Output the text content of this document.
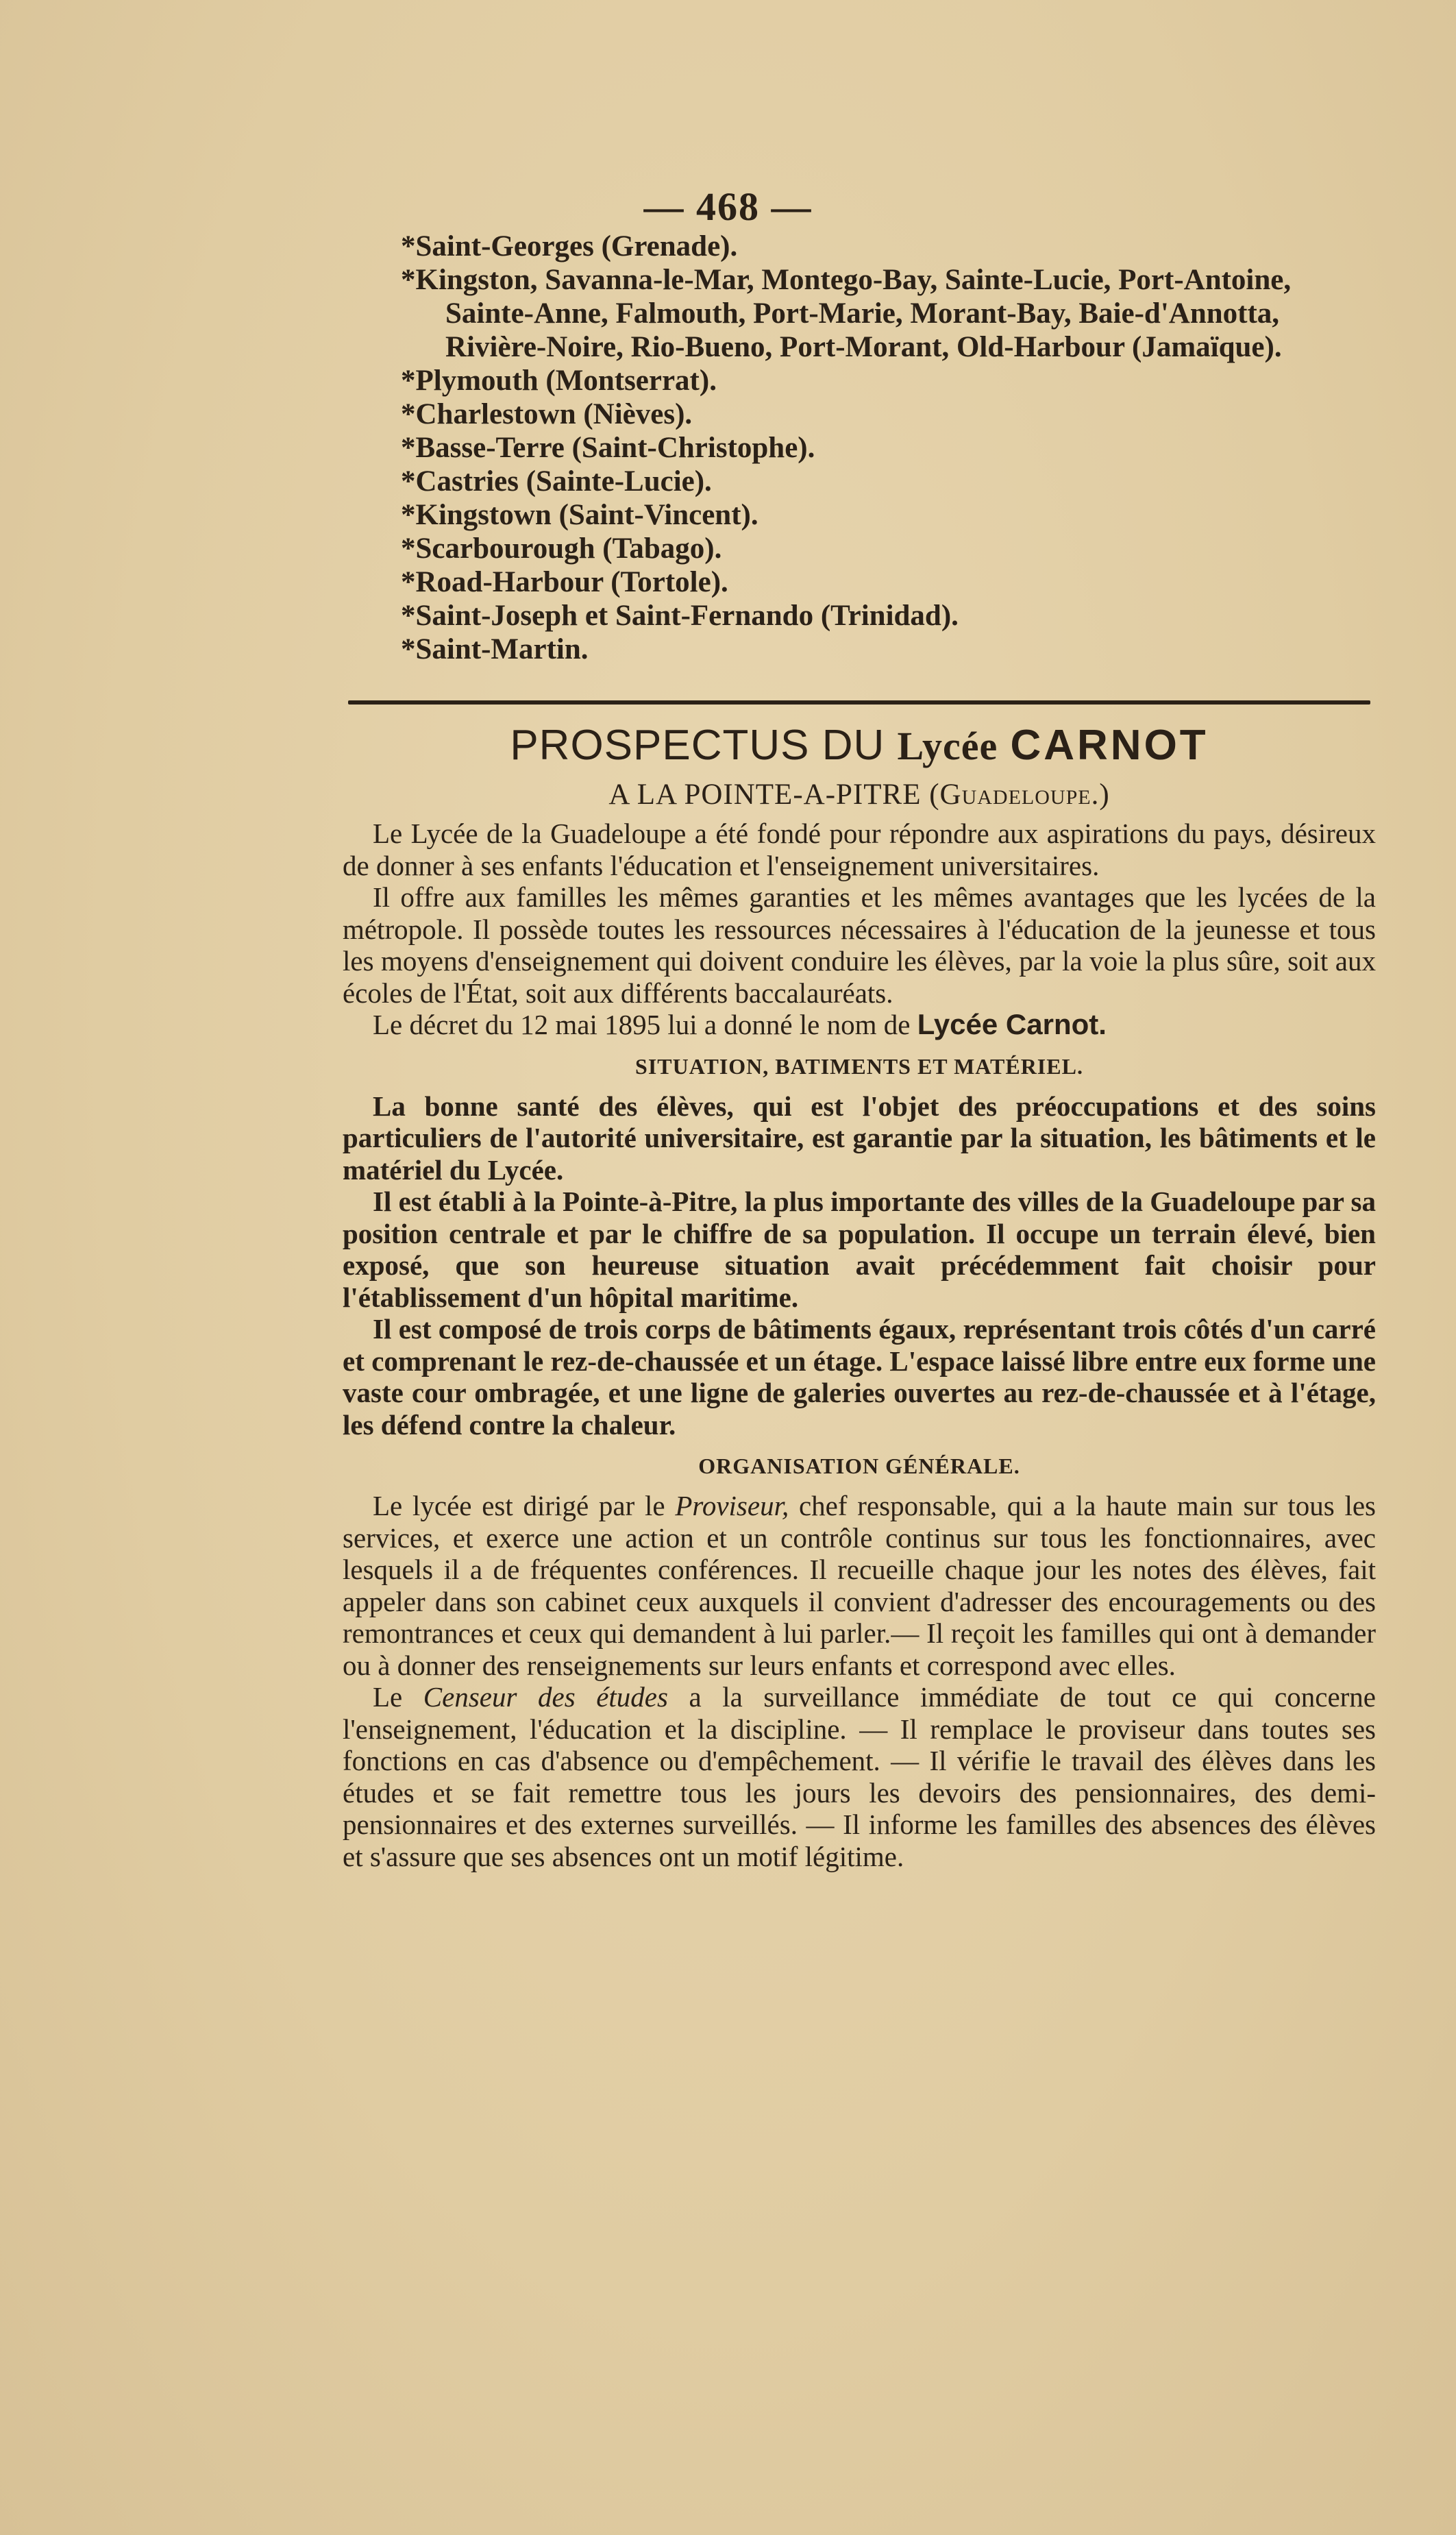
— 468 —

*Saint-Georges (Grenade).

*Kingston, Savanna-le-Mar, Montego-Bay, Sainte-Lucie, Port-Antoine, Sainte-Anne, Falmouth, Port-Marie, Morant-Bay, Baie-d'Annotta, Rivière-Noire, Rio-Bueno, Port-Morant, Old-Harbour (Jamaïque).

*Plymouth (Montserrat).

*Charlestown (Nièves).

*Basse-Terre (Saint-Christophe).

*Castries (Sainte-Lucie).

*Kingstown (Saint-Vincent).

*Scarbourough (Tabago).

*Road-Harbour (Tortole).

*Saint-Joseph et Saint-Fernando (Trinidad).

*Saint-Martin.

PROSPECTUS DU Lycée CARNOT
A LA POINTE-A-PITRE (Guadeloupe.)

Le Lycée de la Guadeloupe a été fondé pour répondre aux aspirations du pays, désireux de donner à ses enfants l'éducation et l'enseignement universitaires.

Il offre aux familles les mêmes garanties et les mêmes avantages que les lycées de la métropole. Il possède toutes les ressources nécessaires à l'éducation de la jeunesse et tous les moyens d'enseignement qui doivent conduire les élèves, par la voie la plus sûre, soit aux écoles de l'État, soit aux différents baccalauréats.

Le décret du 12 mai 1895 lui a donné le nom de Lycée Carnot.

SITUATION, BATIMENTS ET MATÉRIEL.

La bonne santé des élèves, qui est l'objet des préoccupations et des soins particuliers de l'autorité universitaire, est garantie par la situation, les bâtiments et le matériel du Lycée.

Il est établi à la Pointe-à-Pitre, la plus importante des villes de la Guadeloupe par sa position centrale et par le chiffre de sa population. Il occupe un terrain élevé, bien exposé, que son heureuse situation avait précédemment fait choisir pour l'établissement d'un hôpital maritime.

Il est composé de trois corps de bâtiments égaux, représentant trois côtés d'un carré et comprenant le rez-de-chaussée et un étage. L'espace laissé libre entre eux forme une vaste cour ombragée, et une ligne de galeries ouvertes au rez-de-chaussée et à l'étage, les défend contre la chaleur.

ORGANISATION GÉNÉRALE.

Le lycée est dirigé par le Proviseur, chef responsable, qui a la haute main sur tous les services, et exerce une action et un contrôle continus sur tous les fonctionnaires, avec lesquels il a de fréquentes conférences. Il recueille chaque jour les notes des élèves, fait appeler dans son cabinet ceux auxquels il convient d'adresser des encouragements ou des remontrances et ceux qui demandent à lui parler.— Il reçoit les familles qui ont à demander ou à donner des renseignements sur leurs enfants et correspond avec elles.

Le Censeur des études a la surveillance immédiate de tout ce qui concerne l'enseignement, l'éducation et la discipline. — Il remplace le proviseur dans toutes ses fonctions en cas d'absence ou d'empêchement. — Il vérifie le travail des élèves dans les études et se fait remettre tous les jours les devoirs des pensionnaires, des demi-pensionnaires et des externes surveillés. — Il informe les familles des absences des élèves et s'assure que ses absences ont un motif légitime.
